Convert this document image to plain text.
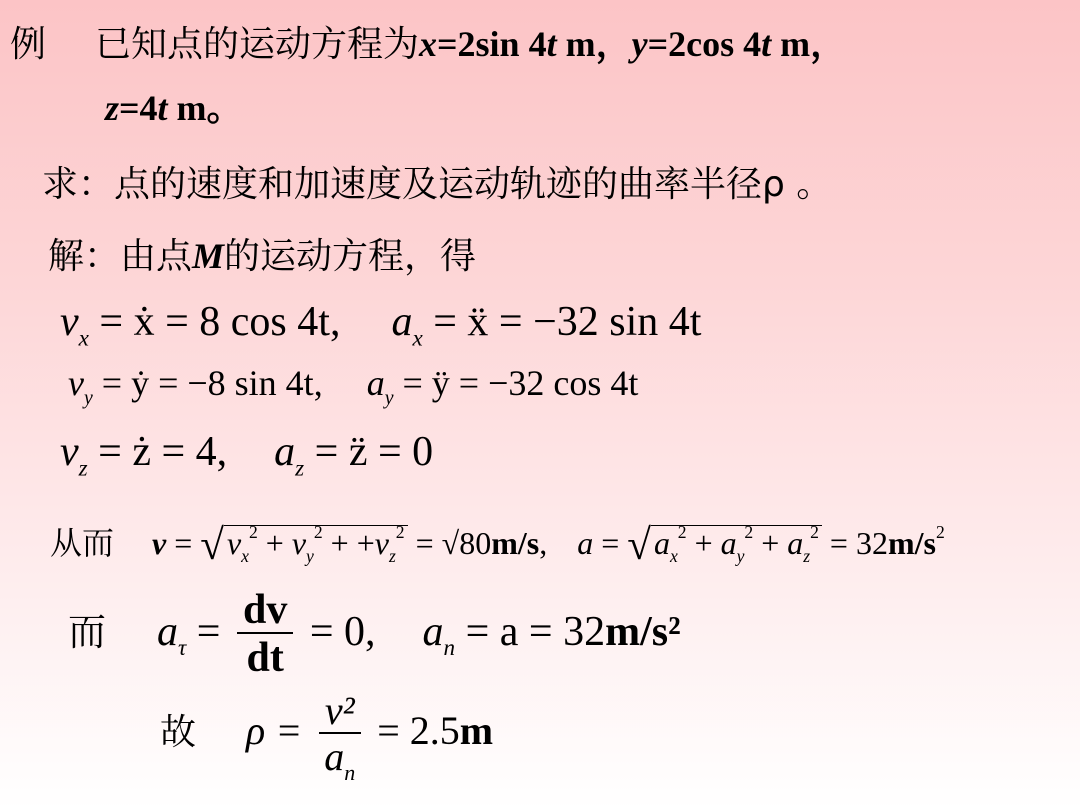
例 已知点的运动方程为x=2sin 4t m，y=2cos 4t m，
z=4t m。
求：点的速度和加速度及运动轨迹的曲率半径ρ 。
解：由点M的运动方程，得
$v_x$ = ẋ = 8 cos 4t, $a_x$ = ẍ = −32 sin 4t
$v_y$ = ẏ = −8 sin 4t, $a_y$ = ÿ = −32 cos 4t
$v_z$ = ż = 4, $a_z$ = z̈ = 0
从而 $v = √v_x^2 + v_y^2 + +v_z^2 = √80m/s$,  $a = √a_x^2 + a_y^2 + a_z^2 = 32m/s^2$
而 $a_\tau = \frac{dv}{dt} = 0$, $a_n = a = 32m/s^2$
故 $\rho = \frac{\text{v²}}{a_n} = 2.5m$
